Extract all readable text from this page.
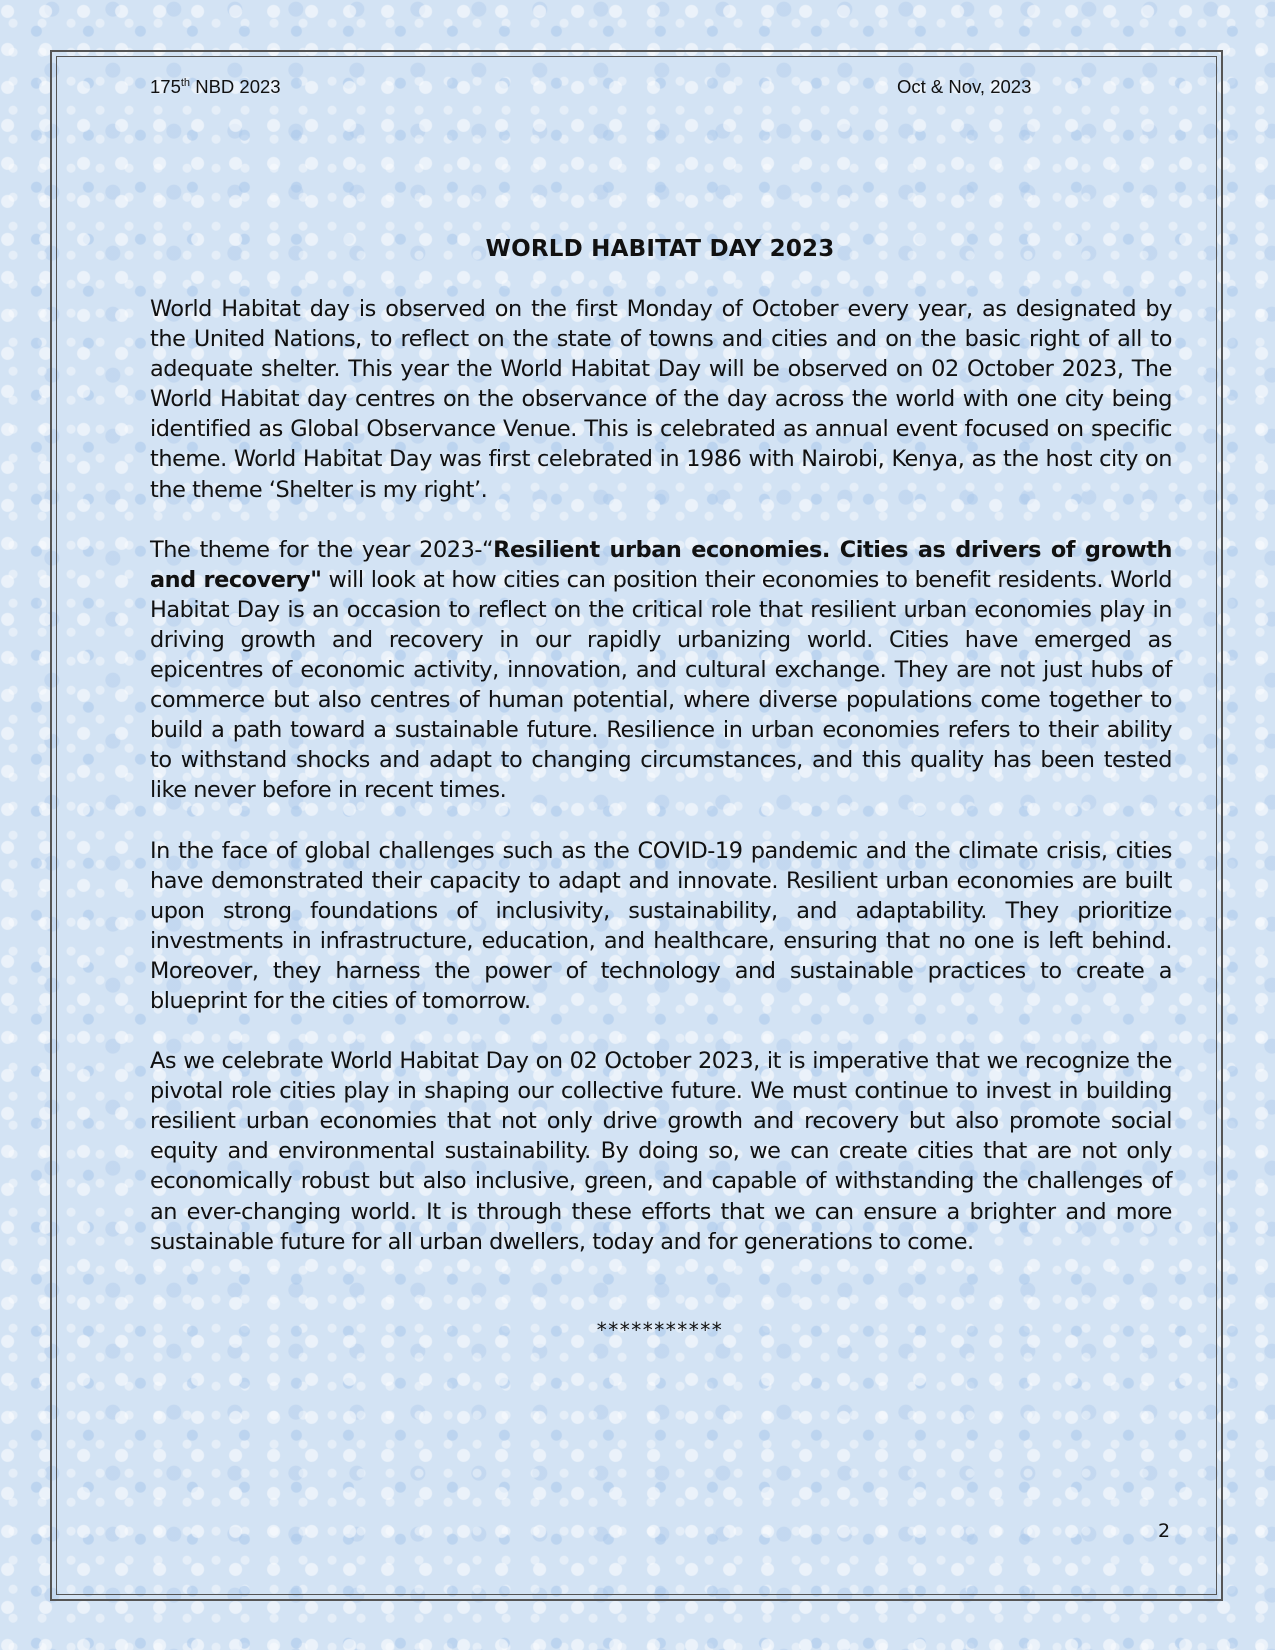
175th NBD 2023	Oct & Nov, 2023
WORLD HABITAT DAY 2023

World Habitat day is observed on the first Monday of October every year, as designated by the United Nations, to reflect on the state of towns and cities and on the basic right of all to adequate shelter. This year the World Habitat Day will be observed on 02 October 2023, The World Habitat day centres on the observance of the day across the world with one city being identified as Global Observance Venue. This is celebrated as annual event focused on specific theme. World Habitat Day was first celebrated in 1986 with Nairobi, Kenya, as the host city on the theme ‘Shelter is my right’.

The theme for the year 2023-“Resilient urban economies. Cities as drivers of growth and recovery" will look at how cities can position their economies to benefit residents. World Habitat Day is an occasion to reflect on the critical role that resilient urban economies play in driving growth and recovery in our rapidly urbanizing world. Cities have emerged as epicentres of economic activity, innovation, and cultural exchange. They are not just hubs of commerce but also centres of human potential, where diverse populations come together to build a path toward a sustainable future. Resilience in urban economies refers to their ability to withstand shocks and adapt to changing circumstances, and this quality has been tested like never before in recent times.

In the face of global challenges such as the COVID-19 pandemic and the climate crisis, cities have demonstrated their capacity to adapt and innovate. Resilient urban economies are built upon strong foundations of inclusivity, sustainability, and adaptability. They prioritize investments in infrastructure, education, and healthcare, ensuring that no one is left behind. Moreover, they harness the power of technology and sustainable practices to create a blueprint for the cities of tomorrow.

As we celebrate World Habitat Day on 02 October 2023, it is imperative that we recognize the pivotal role cities play in shaping our collective future. We must continue to invest in building resilient urban economies that not only drive growth and recovery but also promote social equity and environmental sustainability. By doing so, we can create cities that are not only economically robust but also inclusive, green, and capable of withstanding the challenges of an ever-changing world. It is through these efforts that we can ensure a brighter and more sustainable future for all urban dwellers, today and for generations to come.

***********
2
